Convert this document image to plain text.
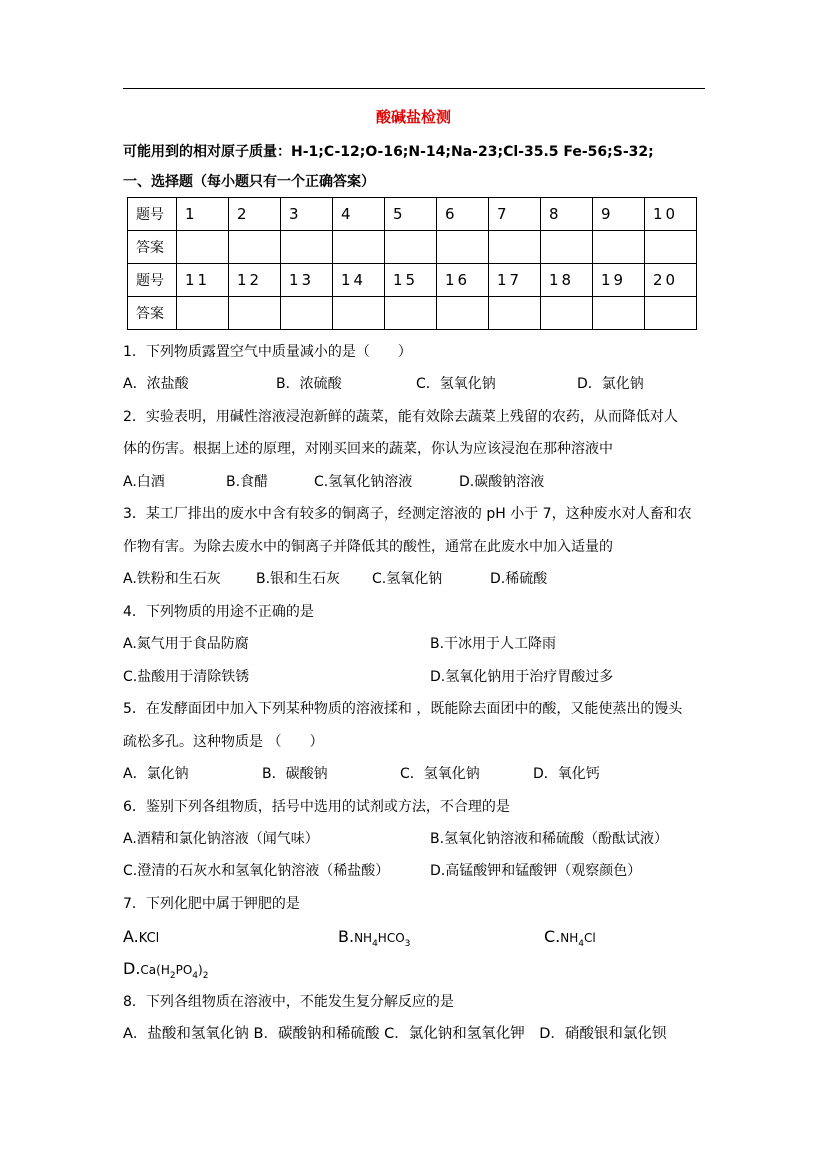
酸碱盐检测
可能用到的相对原子质量：H-1;C-12;O-16;N-14;Na-23;Cl-35.5 Fe-56;S-32;
一、选择题（每小题只有一个正确答案）
题号	1	2	3	4	5	6	7	8	9	10
答案										
题号	11	12	13	14	15	16	17	18	19	20
答案										
1．下列物质露置空气中质量减小的是（　　）
A．浓盐酸	B．浓硫酸	C．氢氧化钠	D．氯化钠
2．实验表明，用碱性溶液浸泡新鲜的蔬菜，能有效除去蔬菜上残留的农药，从而降低对人
体的伤害。根据上述的原理，对刚买回来的蔬菜，你认为应该浸泡在那种溶液中
A.白酒	B.食醋	C.氢氧化钠溶液	D.碳酸钠溶液
3．某工厂排出的废水中含有较多的铜离子，经测定溶液的 pH 小于 7，这种废水对人畜和农
作物有害。为除去废水中的铜离子并降低其的酸性，通常在此废水中加入适量的
A.铁粉和生石灰	B.银和生石灰 C.氢氧化钠	D.稀硫酸
4．下列物质的用途不正确的是
A.氮气用于食品防腐	B.干冰用于人工降雨
C.盐酸用于清除铁锈	D.氢氧化钠用于治疗胃酸过多
5．在发酵面团中加入下列某种物质的溶液揉和 ，既能除去面团中的酸，又能使蒸出的馒头
疏松多孔。这种物质是 （　　）
A．氯化钠	B．碳酸钠	C．氢氧化钠	D．氧化钙
6．鉴别下列各组物质，括号中选用的试剂或方法，不合理的是
A.酒精和氯化钠溶液（闻气味）	B.氢氧化钠溶液和稀硫酸（酚酞试液）
C.澄清的石灰水和氢氧化钠溶液（稀盐酸）	D.高锰酸钾和锰酸钾（观察颜色）
7．下列化肥中属于钾肥的是
A.KCl	$B.NH_4HCO_3$	$C.NH_4Cl$
$D.Ca(H_2PO_4)_2$
8．下列各组物质在溶液中，不能发生复分解反应的是
A．盐酸和氢氧化钠 B．碳酸钠和稀硫酸 C．氯化钠和氢氧化钾　D．硝酸银和氯化钡
